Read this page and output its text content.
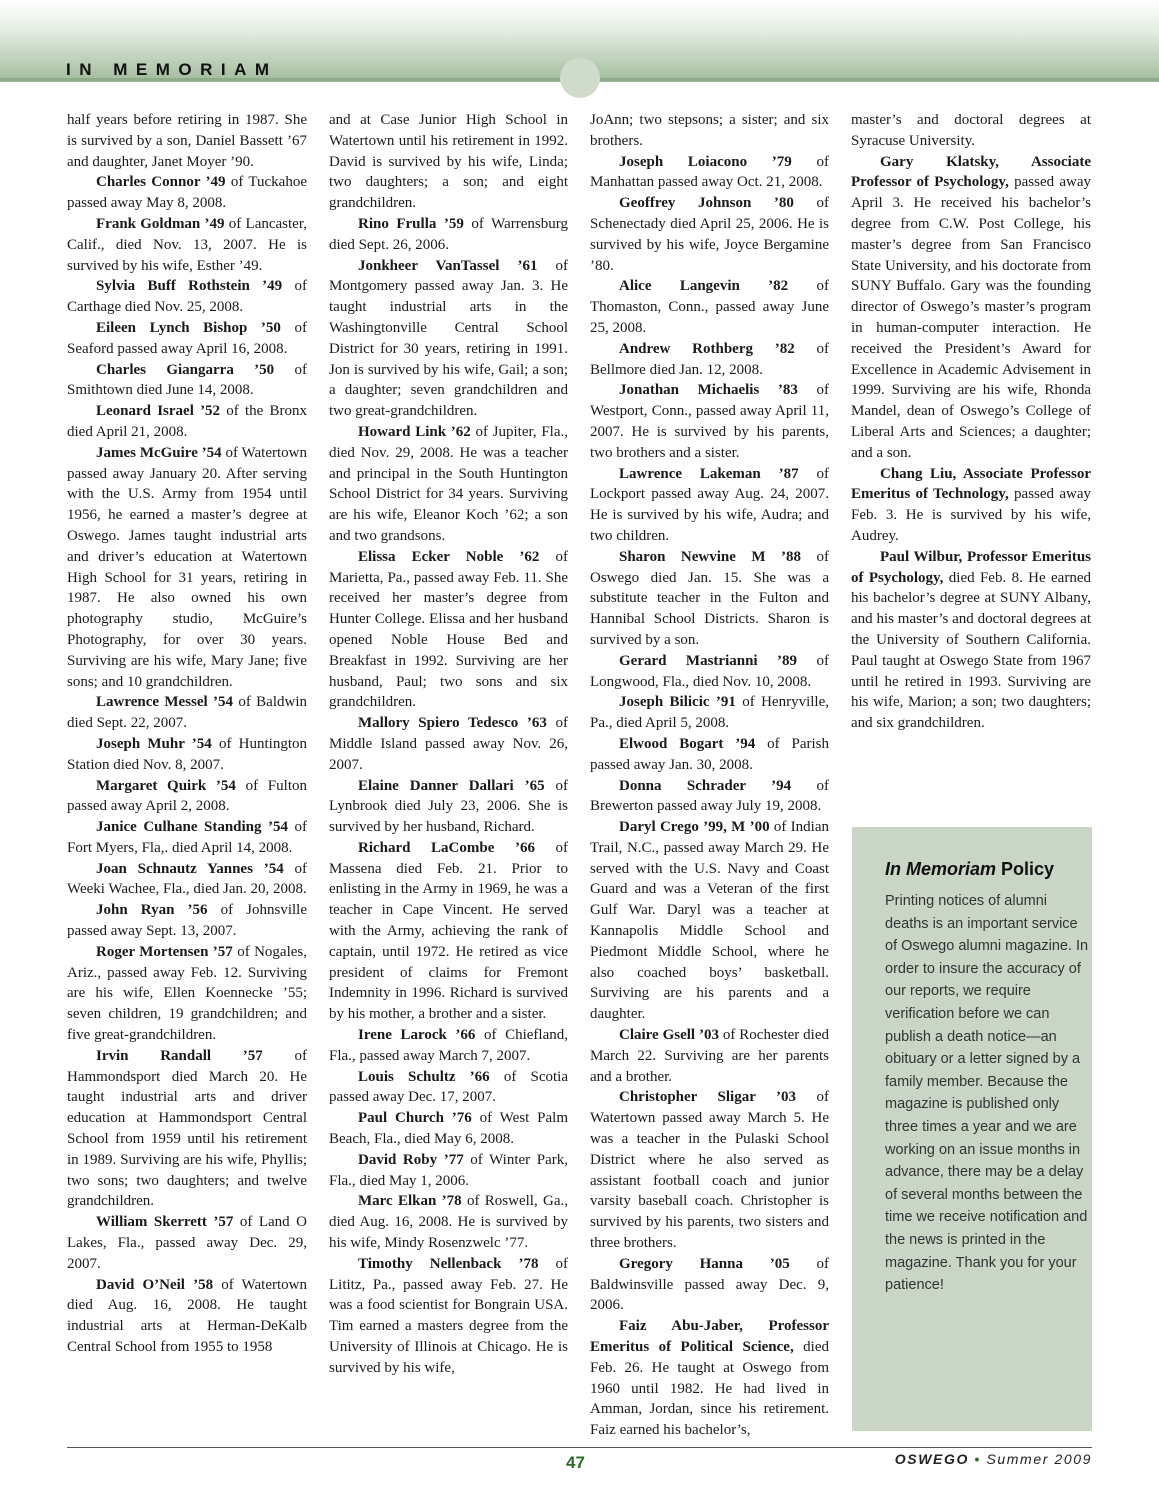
IN MEMORIAM

half years before retiring in 1987. She is survived by a son, Daniel Bassett ’67 and daughter, Janet Moyer ’90.

Charles Connor ’49 of Tuckahoe passed away May 8, 2008.

Frank Goldman ’49 of Lancaster, Calif., died Nov. 13, 2007. He is survived by his wife, Esther ’49.

Sylvia Buff Rothstein ’49 of Carthage died Nov. 25, 2008.

Eileen Lynch Bishop ’50 of Seaford passed away April 16, 2008.

Charles Giangarra ’50 of Smithtown died June 14, 2008.

Leonard Israel ’52 of the Bronx died April 21, 2008.

James McGuire ’54 of Watertown passed away January 20. After serving with the U.S. Army from 1954 until 1956, he earned a master’s degree at Oswego. James taught industrial arts and driver’s education at Watertown High School for 31 years, retiring in 1987. He also owned his own photography studio, McGuire’s Photography, for over 30 years. Surviving are his wife, Mary Jane; five sons; and 10 grandchildren.

Lawrence Messel ’54 of Baldwin died Sept. 22, 2007.

Joseph Muhr ’54 of Huntington Station died Nov. 8, 2007.

Margaret Quirk ’54 of Fulton passed away April 2, 2008.

Janice Culhane Standing ’54 of Fort Myers, Fla,. died April 14, 2008.

Joan Schnautz Yannes ’54 of Weeki Wachee, Fla., died Jan. 20, 2008.

John Ryan ’56 of Johnsville passed away Sept. 13, 2007.

Roger Mortensen ’57 of Nogales, Ariz., passed away Feb. 12. Surviving are his wife, Ellen Koennecke ’55; seven children, 19 grandchildren; and five great-grandchildren.

Irvin Randall ’57 of Hammondsport died March 20. He taught industrial arts and driver education at Hammondsport Central School from 1959 until his retirement in 1989. Surviving are his wife, Phyllis; two sons; two daughters; and twelve grandchildren.

William Skerrett ’57 of Land O Lakes, Fla., passed away Dec. 29, 2007.

David O’Neil ’58 of Watertown died Aug. 16, 2008. He taught industrial arts at Herman-DeKalb Central School from 1955 to 1958

and at Case Junior High School in Watertown until his retirement in 1992. David is survived by his wife, Linda; two daughters; a son; and eight grandchildren.

Rino Frulla ’59 of Warrensburg died Sept. 26, 2006.

Jonkheer VanTassel ’61 of Montgomery passed away Jan. 3. He taught industrial arts in the Washingtonville Central School District for 30 years, retiring in 1991. Jon is survived by his wife, Gail; a son; a daughter; seven grandchildren and two great-grandchildren.

Howard Link ’62 of Jupiter, Fla., died Nov. 29, 2008. He was a teacher and principal in the South Huntington School District for 34 years. Surviving are his wife, Eleanor Koch ’62; a son and two grandsons.

Elissa Ecker Noble ’62 of Marietta, Pa., passed away Feb. 11. She received her master’s degree from Hunter College. Elissa and her husband opened Noble House Bed and Breakfast in 1992. Surviving are her husband, Paul; two sons and six grandchildren.

Mallory Spiero Tedesco ’63 of Middle Island passed away Nov. 26, 2007.

Elaine Danner Dallari ’65 of Lynbrook died July 23, 2006. She is survived by her husband, Richard.

Richard LaCombe ’66 of Massena died Feb. 21. Prior to enlisting in the Army in 1969, he was a teacher in Cape Vincent. He served with the Army, achieving the rank of captain, until 1972. He retired as vice president of claims for Fremont Indemnity in 1996. Richard is survived by his mother, a brother and a sister.

Irene Larock ’66 of Chiefland, Fla., passed away March 7, 2007.

Louis Schultz ’66 of Scotia passed away Dec. 17, 2007.

Paul Church ’76 of West Palm Beach, Fla., died May 6, 2008.

David Roby ’77 of Winter Park, Fla., died May 1, 2006.

Marc Elkan ’78 of Roswell, Ga., died Aug. 16, 2008. He is survived by his wife, Mindy Rosenzwelc ’77.

Timothy Nellenback ’78 of Lititz, Pa., passed away Feb. 27. He was a food scientist for Bongrain USA. Tim earned a masters degree from the University of Illinois at Chicago. He is survived by his wife,

JoAnn; two stepsons; a sister; and six brothers.

Joseph Loiacono ’79 of Manhattan passed away Oct. 21, 2008.

Geoffrey Johnson ’80 of Schenectady died April 25, 2006. He is survived by his wife, Joyce Bergamine ’80.

Alice Langevin ’82 of Thomaston, Conn., passed away June 25, 2008.

Andrew Rothberg ’82 of Bellmore died Jan. 12, 2008.

Jonathan Michaelis ’83 of Westport, Conn., passed away April 11, 2007. He is survived by his parents, two brothers and a sister.

Lawrence Lakeman ’87 of Lockport passed away Aug. 24, 2007. He is survived by his wife, Audra; and two children.

Sharon Newvine M ’88 of Oswego died Jan. 15. She was a substitute teacher in the Fulton and Hannibal School Districts. Sharon is survived by a son.

Gerard Mastrianni ’89 of Longwood, Fla., died Nov. 10, 2008.

Joseph Bilicic ’91 of Henryville, Pa., died April 5, 2008.

Elwood Bogart ’94 of Parish passed away Jan. 30, 2008.

Donna Schrader ’94 of Brewerton passed away July 19, 2008.

Daryl Crego ’99, M ’00 of Indian Trail, N.C., passed away March 29. He served with the U.S. Navy and Coast Guard and was a Veteran of the first Gulf War. Daryl was a teacher at Kannapolis Middle School and Piedmont Middle School, where he also coached boys’ basketball. Surviving are his parents and a daughter.

Claire Gsell ’03 of Rochester died March 22. Surviving are her parents and a brother.

Christopher Sligar ’03 of Watertown passed away March 5. He was a teacher in the Pulaski School District where he also served as assistant football coach and junior varsity baseball coach. Christopher is survived by his parents, two sisters and three brothers.

Gregory Hanna ’05 of Baldwinsville passed away Dec. 9, 2006.

Faiz Abu-Jaber, Professor Emeritus of Political Science, died Feb. 26. He taught at Oswego from 1960 until 1982. He had lived in Amman, Jordan, since his retirement. Faiz earned his bachelor’s,

master’s and doctoral degrees at Syracuse University.

Gary Klatsky, Associate Professor of Psychology, passed away April 3. He received his bachelor’s degree from C.W. Post College, his master’s degree from San Francisco State University, and his doctorate from SUNY Buffalo. Gary was the founding director of Oswego’s master’s program in human-computer interaction. He received the President’s Award for Excellence in Academic Advisement in 1999. Surviving are his wife, Rhonda Mandel, dean of Oswego’s College of Liberal Arts and Sciences; a daughter; and a son.

Chang Liu, Associate Professor Emeritus of Technology, passed away Feb. 3. He is survived by his wife, Audrey.

Paul Wilbur, Professor Emeritus of Psychology, died Feb. 8. He earned his bachelor’s degree at SUNY Albany, and his master’s and doctoral degrees at the University of Southern California. Paul taught at Oswego State from 1967 until he retired in 1993. Surviving are his wife, Marion; a son; two daughters; and six grandchildren.

In Memoriam Policy

Printing notices of alumni deaths is an important service of Oswego alumni magazine. In order to insure the accuracy of our reports, we require verification before we can publish a death notice—an obituary or a letter signed by a family member. Because the magazine is published only three times a year and we are working on an issue months in advance, there may be a delay of several months between the time we receive notification and the news is printed in the magazine. Thank you for your patience!

47	OSWEGO • Summer 2009
